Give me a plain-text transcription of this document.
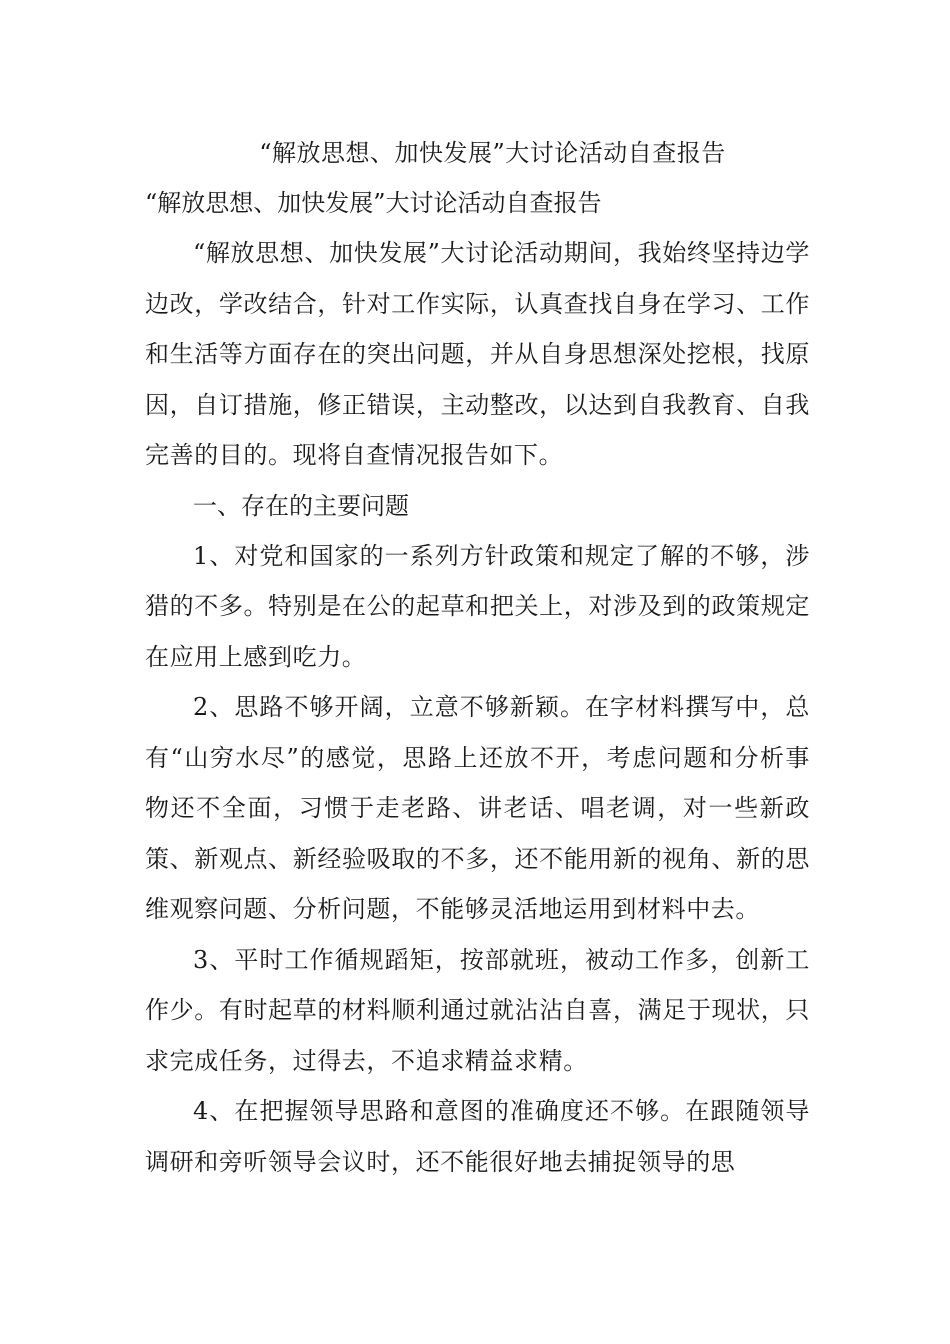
“解放思想、加快发展”大讨论活动自查报告

“解放思想、加快发展”大讨论活动自查报告

“解放思想、加快发展”大讨论活动期间，我始终坚持边学边改，学改结合，针对工作实际，认真查找自身在学习、工作和生活等方面存在的突出问题，并从自身思想深处挖根，找原因，自订措施，修正错误，主动整改，以达到自我教育、自我完善的目的。现将自查情况报告如下。

一、存在的主要问题

1、对党和国家的一系列方针政策和规定了解的不够，涉猎的不多。特别是在公的起草和把关上，对涉及到的政策规定在应用上感到吃力。

2、思路不够开阔，立意不够新颖。在字材料撰写中，总有“山穷水尽”的感觉，思路上还放不开，考虑问题和分析事物还不全面，习惯于走老路、讲老话、唱老调，对一些新政策、新观点、新经验吸取的不多，还不能用新的视角、新的思维观察问题、分析问题，不能够灵活地运用到材料中去。

3、平时工作循规蹈矩，按部就班，被动工作多，创新工作少。有时起草的材料顺利通过就沾沾自喜，满足于现状，只求完成任务，过得去，不追求精益求精。

4、在把握领导思路和意图的准确度还不够。在跟随领导调研和旁听领导会议时，还不能很好地去捕捉领导的思
